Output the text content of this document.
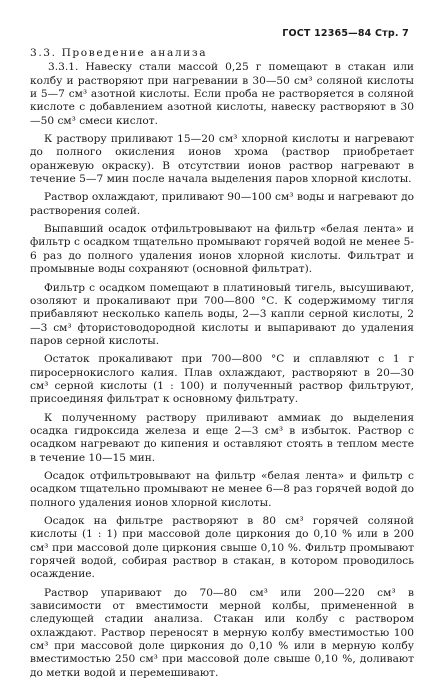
ГОСТ 12365—84 Стр. 7
3.3. Проведение анализа

3.3.1. Навеску стали массой 0,25 г помещают в стакан или колбу и растворяют при нагревании в 30—50 см³ соляной кислоты и 5—7 см³ азотной кислоты. Если проба не растворяется в соляной кислоте с добавлением азотной кислоты, навеску растворяют в 30—50 см³ смеси кислот.

К раствору приливают 15—20 см³ хлорной кислоты и нагревают до полного окисления ионов хрома (раствор приобретает оранжевую окраску). В отсутствии ионов раствор нагревают в течение 5—7 мин после начала выделения паров хлорной кислоты.

Раствор охлаждают, приливают 90—100 см³ воды и нагревают до растворения солей.

Выпавший осадок отфильтровывают на фильтр «белая лента» и фильтр с осадком тщательно промывают горячей водой не менее 5-6 раз до полного удаления ионов хлорной кислоты. Фильтрат и промывные воды сохраняют (основной фильтрат).

Фильтр с осадком помещают в платиновый тигель, высушивают, озоляют и прокаливают при 700—800 °С. К содержимому тигля прибавляют несколько капель воды, 2—3 капли серной кислоты, 2—3 см³ фтористоводородной кислоты и выпаривают до удаления паров серной кислоты.

Остаток прокаливают при 700—800 °С и сплавляют с 1 г пиросернокислого калия. Плав охлаждают, растворяют в 20—30 см³ серной кислоты (1 : 100) и полученный раствор фильтруют, присоединяя фильтрат к основному фильтрату.

К полученному раствору приливают аммиак до выделения осадка гидроксида железа и еще 2—3 см³ в избыток. Раствор с осадком нагревают до кипения и оставляют стоять в теплом месте в течение 10—15 мин.

Осадок отфильтровывают на фильтр «белая лента» и фильтр с осадком тщательно промывают не менее 6—8 раз горячей водой до полного удаления ионов хлорной кислоты.

Осадок на фильтре растворяют в 80 см³ горячей соляной кислоты (1 : 1) при массовой доле циркония до 0,10 % или в 200 см³ при массовой доле циркония свыше 0,10 %. Фильтр промывают горячей водой, собирая раствор в стакан, в котором проводилось осаждение.

Раствор упаривают до 70—80 см³ или 200—220 см³ в зависимости от вместимости мерной колбы, примененной в следующей стадии анализа. Стакан или колбу с раствором охлаждают. Раствор переносят в мерную колбу вместимостью 100 см³ при массовой доле циркония до 0,10 % или в мерную колбу вместимостью 250 см³ при массовой доле свыше 0,10 %, доливают до метки водой и перемешивают.
